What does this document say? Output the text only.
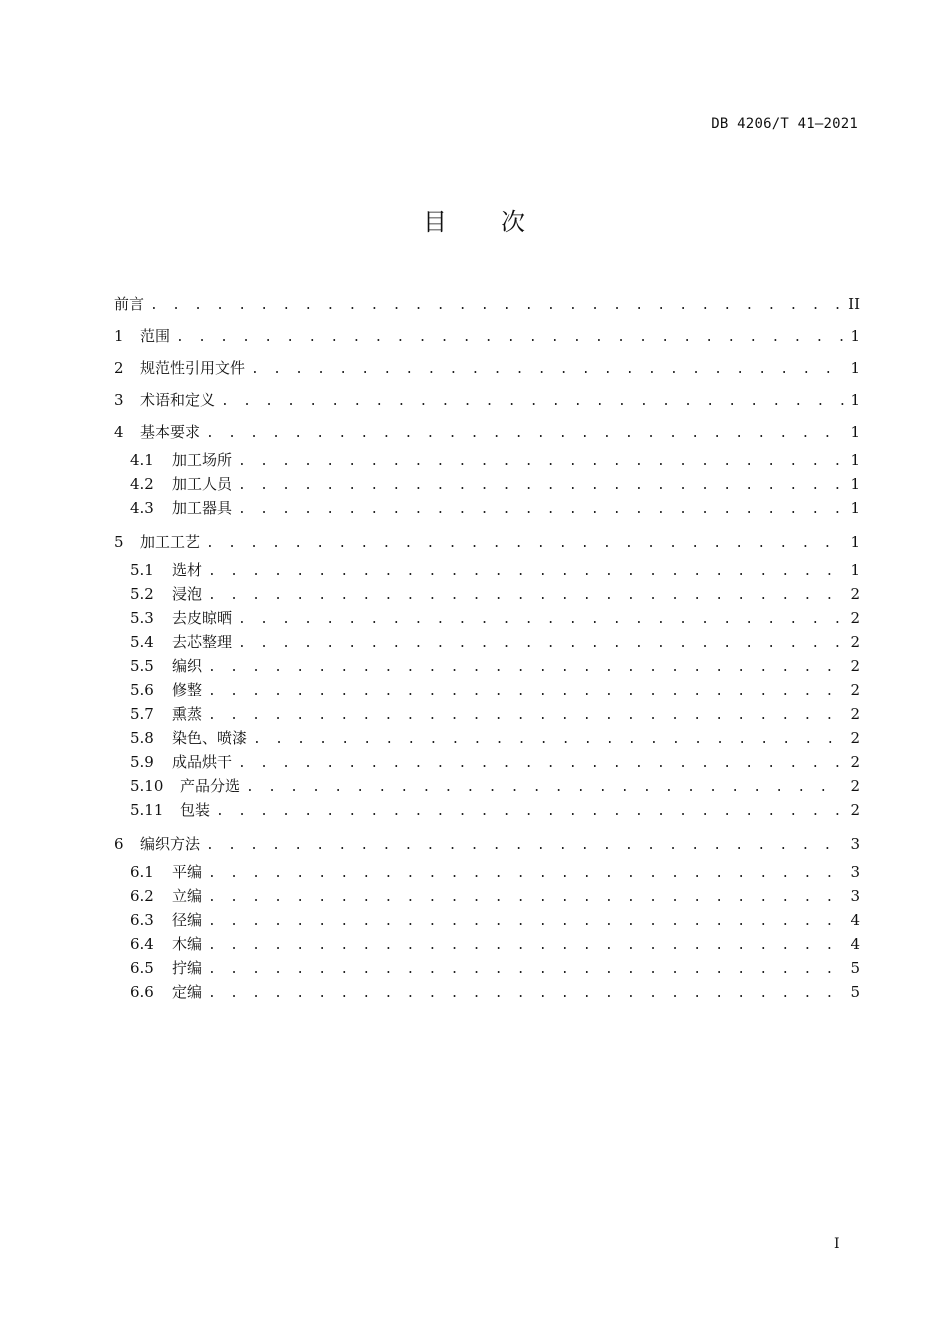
DB 4206/T 41—2021
目 次
前言 . . .	II
1	范围 . . .	1
2	规范性引用文件 . . .	1
3	术语和定义 . . .	1
4	基本要求 . . .	1
4.1	加工场所 . . .	1
4.2	加工人员 . . .	1
4.3	加工器具 . . .	1
5	加工工艺 . . .	1
5.1	选材 . . .	1
5.2	浸泡 . . .	2
5.3	去皮晾晒 . . .	2
5.4	去芯整理 . . .	2
5.5	编织 . . .	2
5.6	修整 . . .	2
5.7	熏蒸 . . .	2
5.8	染色、喷漆 . . .	2
5.9	成品烘干 . . .	2
5.10	产品分选 . . .	2
5.11	包装 . . .	2
6	编织方法 . . .	3
6.1	平编 . . .	3
6.2	立编 . . .	3
6.3	径编 . . .	4
6.4	木编 . . .	4
6.5	拧编 . . .	5
6.6	定编 . . .	5
I
